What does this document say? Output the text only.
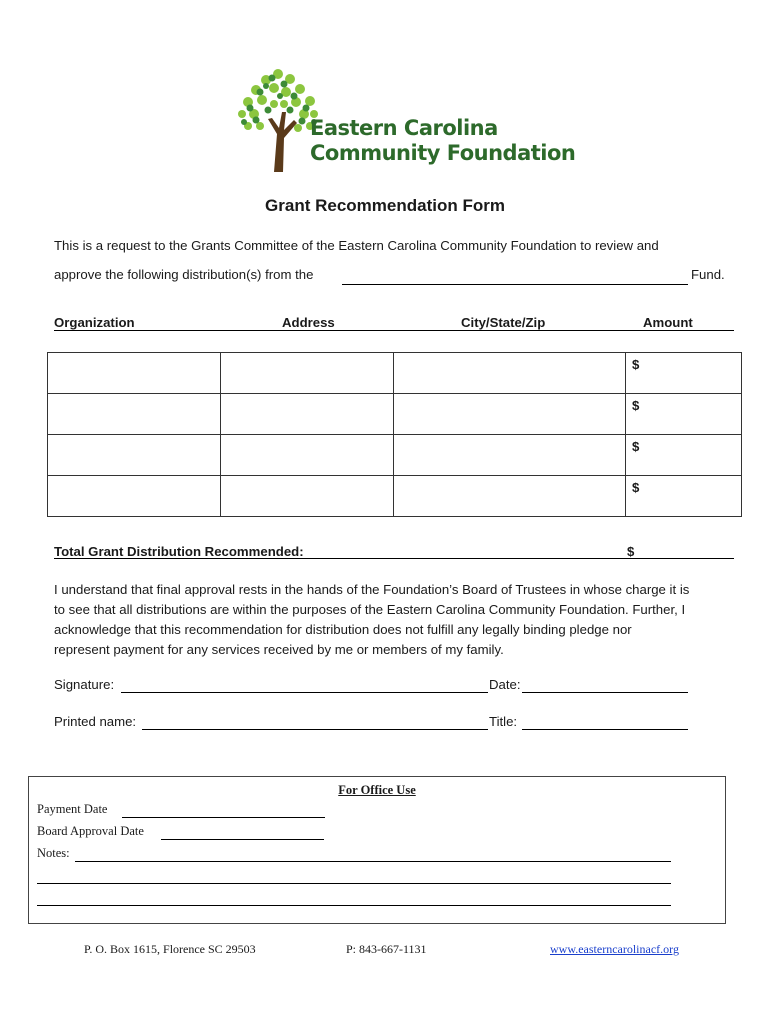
Eastern Carolina
Community Foundation
Grant Recommendation Form
This is a request to the Grants Committee of the Eastern Carolina Community Foundation to review and
approve the following distribution(s) from the	Fund.
Organization	Address	City/State/Zip	Amount

			$

			$

			$

			$
Total Grant Distribution Recommended:	$
I understand that final approval rests in the hands of the Foundation’s Board of Trustees in whose charge it is
to see that all distributions are within the purposes of the Eastern Carolina Community Foundation. Further, I
acknowledge that this recommendation for distribution does not fulfill any legally binding pledge nor
represent payment for any services received by me or members of my family.
Signature:	Date:
Printed name:	Title:
For Office Use
Payment Date
Board Approval Date
Notes:
P. O. Box 1615, Florence SC 29503	P: 843-667-1131	www.easterncarolinacf.org
